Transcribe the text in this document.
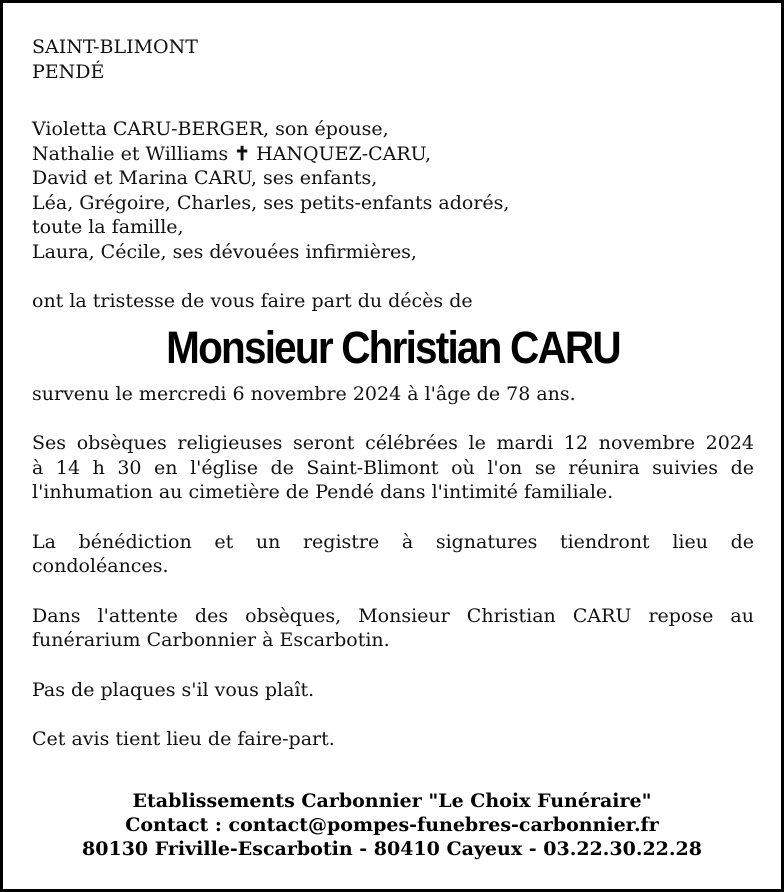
SAINT-BLIMONT
PENDÉ

Violetta CARU-BERGER, son épouse,
Nathalie et Williams ✝ HANQUEZ-CARU,
David et Marina CARU, ses enfants,
Léa, Grégoire, Charles, ses petits-enfants adorés,
toute la famille,
Laura, Cécile, ses dévouées infirmières,

ont la tristesse de vous faire part du décès de

Monsieur Christian CARU

survenu le mercredi 6 novembre 2024 à l'âge de 78 ans.

Ses obsèques religieuses seront célébrées le mardi 12 novembre 2024
à 14 h 30 en l'église de Saint-Blimont où l'on se réunira suivies de
l'inhumation au cimetière de Pendé dans l'intimité familiale.

La bénédiction et un registre à signatures tiendront lieu de
condoléances.

Dans l'attente des obsèques, Monsieur Christian CARU repose au
funérarium Carbonnier à Escarbotin.

Pas de plaques s'il vous plaît.

Cet avis tient lieu de faire-part.

Etablissements Carbonnier "Le Choix Funéraire"
Contact : contact@pompes-funebres-carbonnier.fr
80130 Friville-Escarbotin - 80410 Cayeux - 03.22.30.22.28
